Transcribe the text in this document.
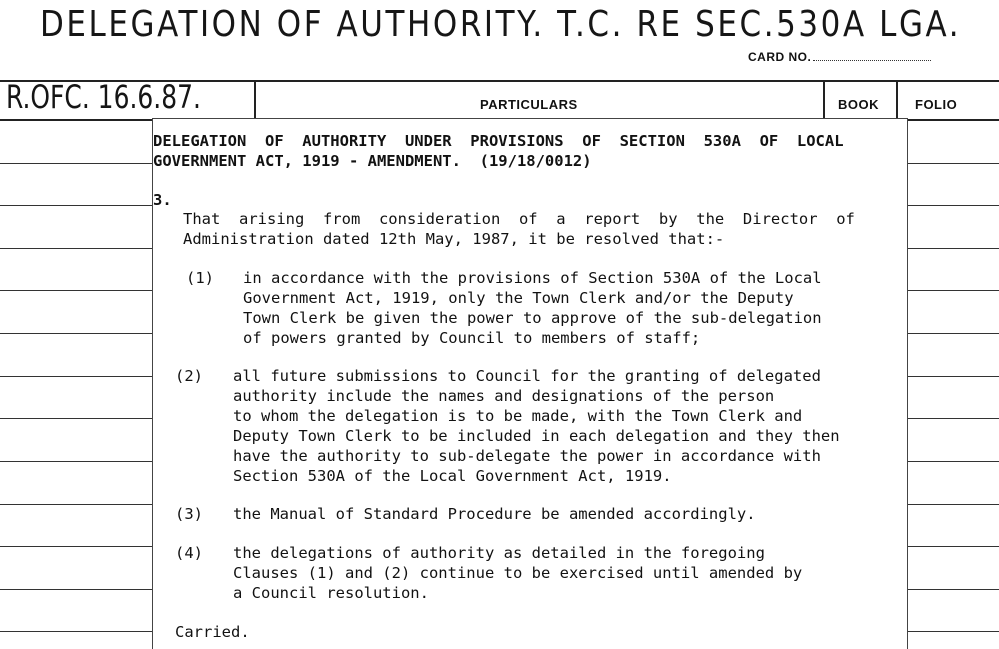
DELEGATION OF AUTHORITY. T.C. RE SEC.530A LGA.
CARD NO.
PARTICULARS	BOOK	FOLIO
R.OFC. 16.6.87.
DELEGATION  OF  AUTHORITY  UNDER  PROVISIONS  OF  SECTION  530A  OF  LOCAL
GOVERNMENT ACT, 1919 - AMENDMENT.  (19/18/0012)
3.
That  arising  from  consideration  of  a  report  by  the  Director  of
Administration dated 12th May, 1987, it be resolved that:-
(1) in accordance with the provisions of Section 530A of the Local
Government Act, 1919, only the Town Clerk and/or the Deputy
Town Clerk be given the power to approve of the sub-delegation
of powers granted by Council to members of staff;
(2) all future submissions to Council for the granting of delegated
authority include the names and designations of the person
to whom the delegation is to be made, with the Town Clerk and
Deputy Town Clerk to be included in each delegation and they then
have the authority to sub-delegate the power in accordance with
Section 530A of the Local Government Act, 1919.
(3) the Manual of Standard Procedure be amended accordingly.
(4) the delegations of authority as detailed in the foregoing
Clauses (1) and (2) continue to be exercised until amended by
a Council resolution.
Carried.
